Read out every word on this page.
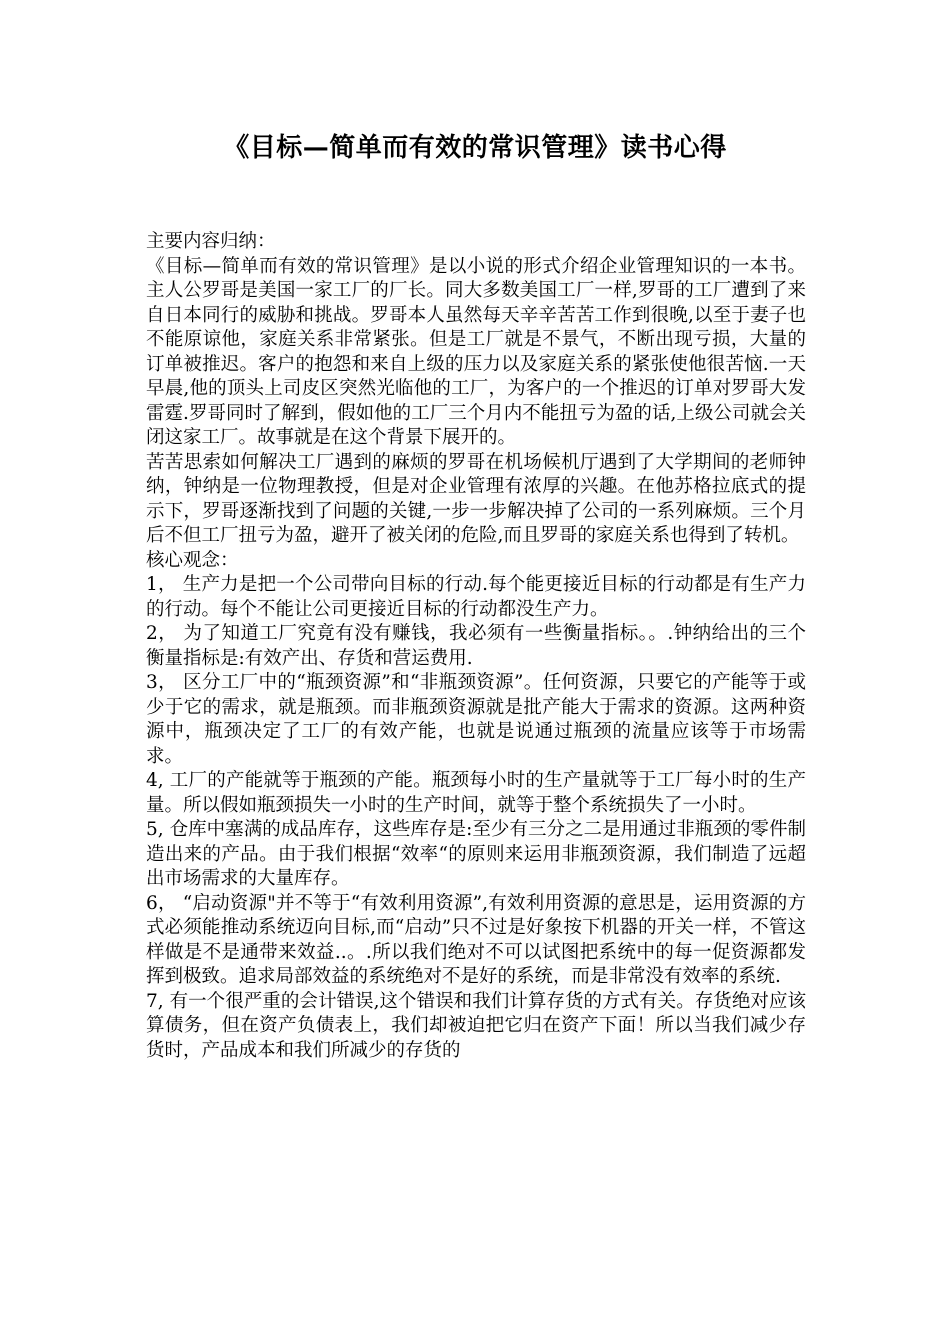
《目标—简单而有效的常识管理》读书心得

主要内容归纳：

《目标—简单而有效的常识管理》是以小说的形式介绍企业管理知识的一本书。主人公罗哥是美国一家工厂的厂长。同大多数美国工厂一样,罗哥的工厂遭到了来自日本同行的威胁和挑战。罗哥本人虽然每天辛辛苦苦工作到很晚,以至于妻子也不能原谅他，家庭关系非常紧张。但是工厂就是不景气，不断出现亏损，大量的订单被推迟。客户的抱怨和来自上级的压力以及家庭关系的紧张使他很苦恼.一天早晨,他的顶头上司皮区突然光临他的工厂，为客户的一个推迟的订单对罗哥大发雷霆.罗哥同时了解到，假如他的工厂三个月内不能扭亏为盈的话,上级公司就会关闭这家工厂。故事就是在这个背景下展开的。

苦苦思索如何解决工厂遇到的麻烦的罗哥在机场候机厅遇到了大学期间的老师钟纳，钟纳是一位物理教授，但是对企业管理有浓厚的兴趣。在他苏格拉底式的提示下，罗哥逐渐找到了问题的关键,一步一步解决掉了公司的一系列麻烦。三个月后不但工厂扭亏为盈，避开了被关闭的危险,而且罗哥的家庭关系也得到了转机。

核心观念：

1， 生产力是把一个公司带向目标的行动.每个能更接近目标的行动都是有生产力的行动。每个不能让公司更接近目标的行动都没生产力。

2， 为了知道工厂究竟有没有赚钱，我必须有一些衡量指标。。.钟纳给出的三个衡量指标是:有效产出、存货和营运费用.

3， 区分工厂中的“瓶颈资源”和“非瓶颈资源”。任何资源，只要它的产能等于或少于它的需求，就是瓶颈。而非瓶颈资源就是批产能大于需求的资源。这两种资源中，瓶颈决定了工厂的有效产能，也就是说通过瓶颈的流量应该等于市场需求。

4, 工厂的产能就等于瓶颈的产能。瓶颈每小时的生产量就等于工厂每小时的生产量。所以假如瓶颈损失一小时的生产时间，就等于整个系统损失了一小时。

5, 仓库中塞满的成品库存，这些库存是:至少有三分之二是用通过非瓶颈的零件制造出来的产品。由于我们根据“效率“的原则来运用非瓶颈资源，我们制造了远超出市场需求的大量库存。

6， “启动资源"并不等于“有效利用资源”,有效利用资源的意思是，运用资源的方式必须能推动系统迈向目标,而“启动”只不过是好象按下机器的开关一样，不管这样做是不是通带来效益..。.所以我们绝对不可以试图把系统中的每一促资源都发挥到极致。追求局部效益的系统绝对不是好的系统，而是非常没有效率的系统.

7, 有一个很严重的会计错误,这个错误和我们计算存货的方式有关。存货绝对应该算债务，但在资产负债表上，我们却被迫把它归在资产下面！所以当我们减少存货时，产品成本和我们所减少的存货的
